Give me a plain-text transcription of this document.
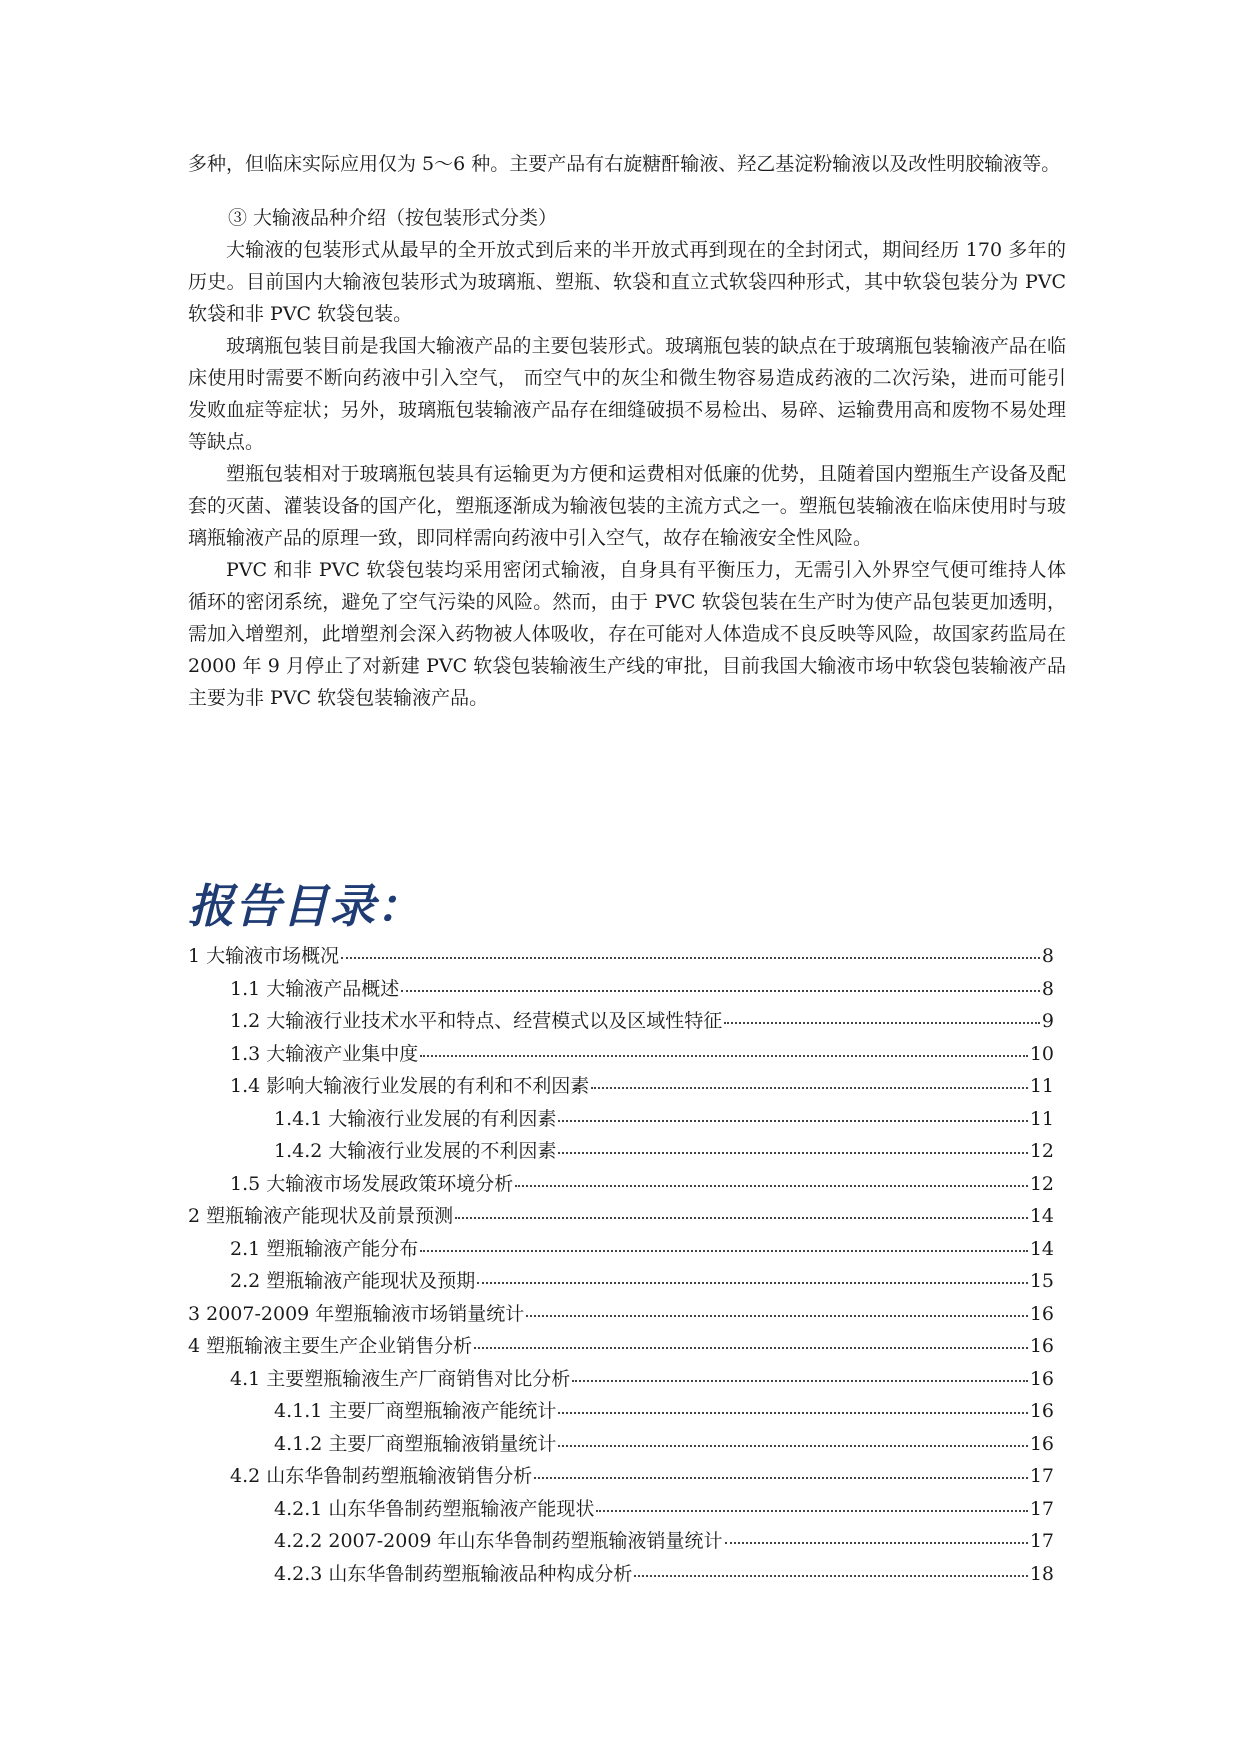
多种，但临床实际应用仅为 5～6 种。主要产品有右旋糖酐输液、羟乙基淀粉输液以及改性明胶输液等。

③ 大输液品种介绍（按包装形式分类）

大输液的包装形式从最早的全开放式到后来的半开放式再到现在的全封闭式，期间经历 170 多年的历史。目前国内大输液包装形式为玻璃瓶、塑瓶、软袋和直立式软袋四种形式，其中软袋包装分为 PVC 软袋和非 PVC 软袋包装。

玻璃瓶包装目前是我国大输液产品的主要包装形式。玻璃瓶包装的缺点在于玻璃瓶包装输液产品在临床使用时需要不断向药液中引入空气， 而空气中的灰尘和微生物容易造成药液的二次污染，进而可能引发败血症等症状；另外，玻璃瓶包装输液产品存在细缝破损不易检出、易碎、运输费用高和废物不易处理等缺点。

塑瓶包装相对于玻璃瓶包装具有运输更为方便和运费相对低廉的优势，且随着国内塑瓶生产设备及配套的灭菌、灌装设备的国产化，塑瓶逐渐成为输液包装的主流方式之一。塑瓶包装输液在临床使用时与玻璃瓶输液产品的原理一致，即同样需向药液中引入空气，故存在输液安全性风险。

PVC 和非 PVC 软袋包装均采用密闭式输液，自身具有平衡压力，无需引入外界空气便可维持人体循环的密闭系统，避免了空气污染的风险。然而，由于 PVC 软袋包装在生产时为使产品包装更加透明，需加入增塑剂，此增塑剂会深入药物被人体吸收，存在可能对人体造成不良反映等风险，故国家药监局在 2000 年 9 月停止了对新建 PVC 软袋包装输液生产线的审批，目前我国大输液市场中软袋包装输液产品主要为非 PVC 软袋包装输液产品。

报告目录：
1 大输液市场概况	8
1.1 大输液产品概述	8
1.2 大输液行业技术水平和特点、经营模式以及区域性特征	9
1.3 大输液产业集中度	10
1.4 影响大输液行业发展的有利和不利因素	11
1.4.1 大输液行业发展的有利因素	11
1.4.2 大输液行业发展的不利因素	12
1.5 大输液市场发展政策环境分析	12
2 塑瓶输液产能现状及前景预测	14
2.1 塑瓶输液产能分布	14
2.2 塑瓶输液产能现状及预期	15
3 2007-2009 年塑瓶输液市场销量统计	16
4 塑瓶输液主要生产企业销售分析	16
4.1 主要塑瓶输液生产厂商销售对比分析	16
4.1.1 主要厂商塑瓶输液产能统计	16
4.1.2 主要厂商塑瓶输液销量统计	16
4.2 山东华鲁制药塑瓶输液销售分析	17
4.2.1 山东华鲁制药塑瓶输液产能现状	17
4.2.2 2007-2009 年山东华鲁制药塑瓶输液销量统计	17
4.2.3 山东华鲁制药塑瓶输液品种构成分析	18
